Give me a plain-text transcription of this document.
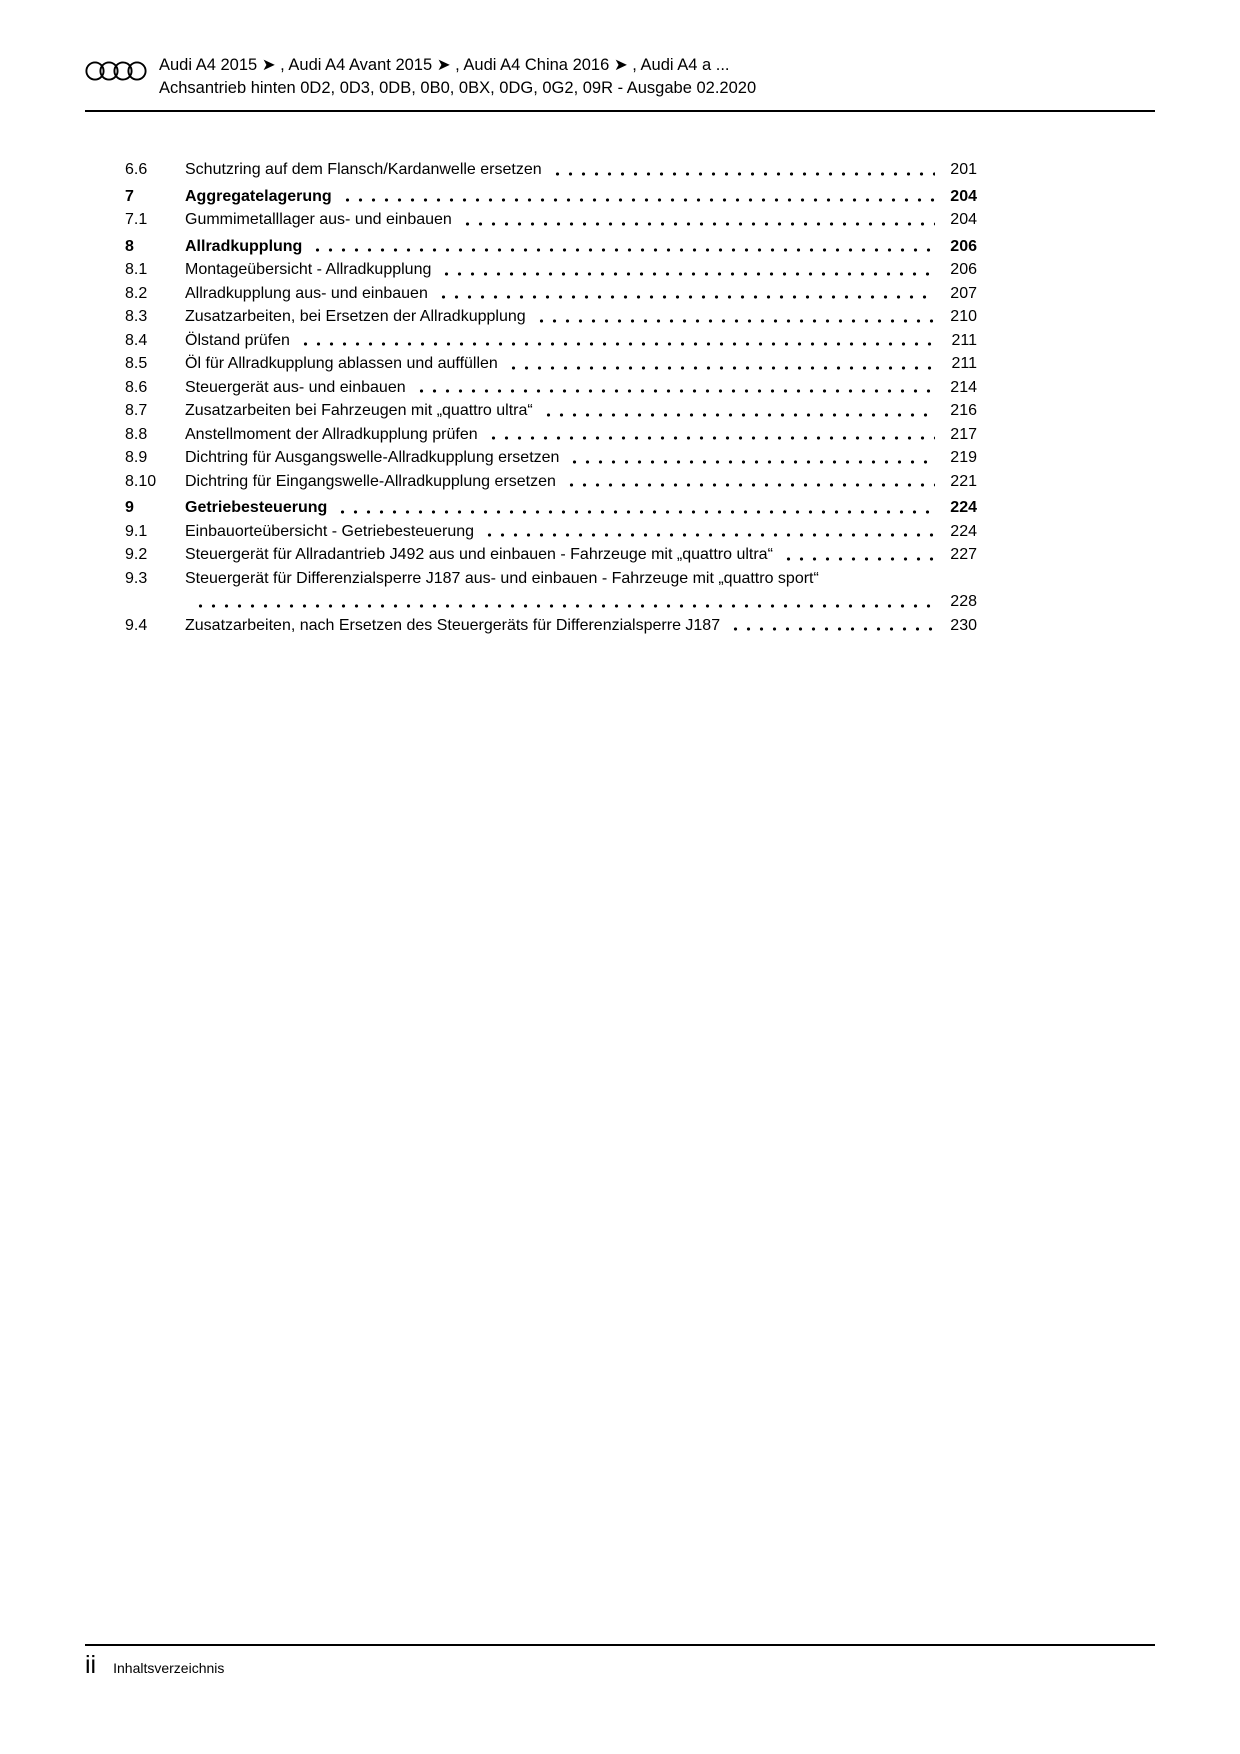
Audi A4 2015 ➤ , Audi A4 Avant 2015 ➤ , Audi A4 China 2016 ➤ , Audi A4 a ...
Achsantrieb hinten 0D2, 0D3, 0DB, 0B0, 0BX, 0DG, 0G2, 09R - Ausgabe 02.2020
6.6	Schutzring auf dem Flansch/Kardanwelle ersetzen	201
7	Aggregatelagerung	204
7.1	Gummimetalllager aus- und einbauen	204
8	Allradkupplung	206
8.1	Montageübersicht - Allradkupplung	206
8.2	Allradkupplung aus- und einbauen	207
8.3	Zusatzarbeiten, bei Ersetzen der Allradkupplung	210
8.4	Ölstand prüfen	211
8.5	Öl für Allradkupplung ablassen und auffüllen	211
8.6	Steuergerät aus- und einbauen	214
8.7	Zusatzarbeiten bei Fahrzeugen mit „quattro ultra“	216
8.8	Anstellmoment der Allradkupplung prüfen	217
8.9	Dichtring für Ausgangswelle-Allradkupplung ersetzen	219
8.10	Dichtring für Eingangswelle-Allradkupplung ersetzen	221
9	Getriebesteuerung	224
9.1	Einbauorteübersicht - Getriebesteuerung	224
9.2	Steuergerät für Allradantrieb J492 aus und einbauen - Fahrzeuge mit „quattro ultra“	227
9.3	Steuergerät für Differenzialsperre J187 aus- und einbauen - Fahrzeuge mit „quattro sport“
228
9.4	Zusatzarbeiten, nach Ersetzen des Steuergeräts für Differenzialsperre J187	230
ii Inhaltsverzeichnis
